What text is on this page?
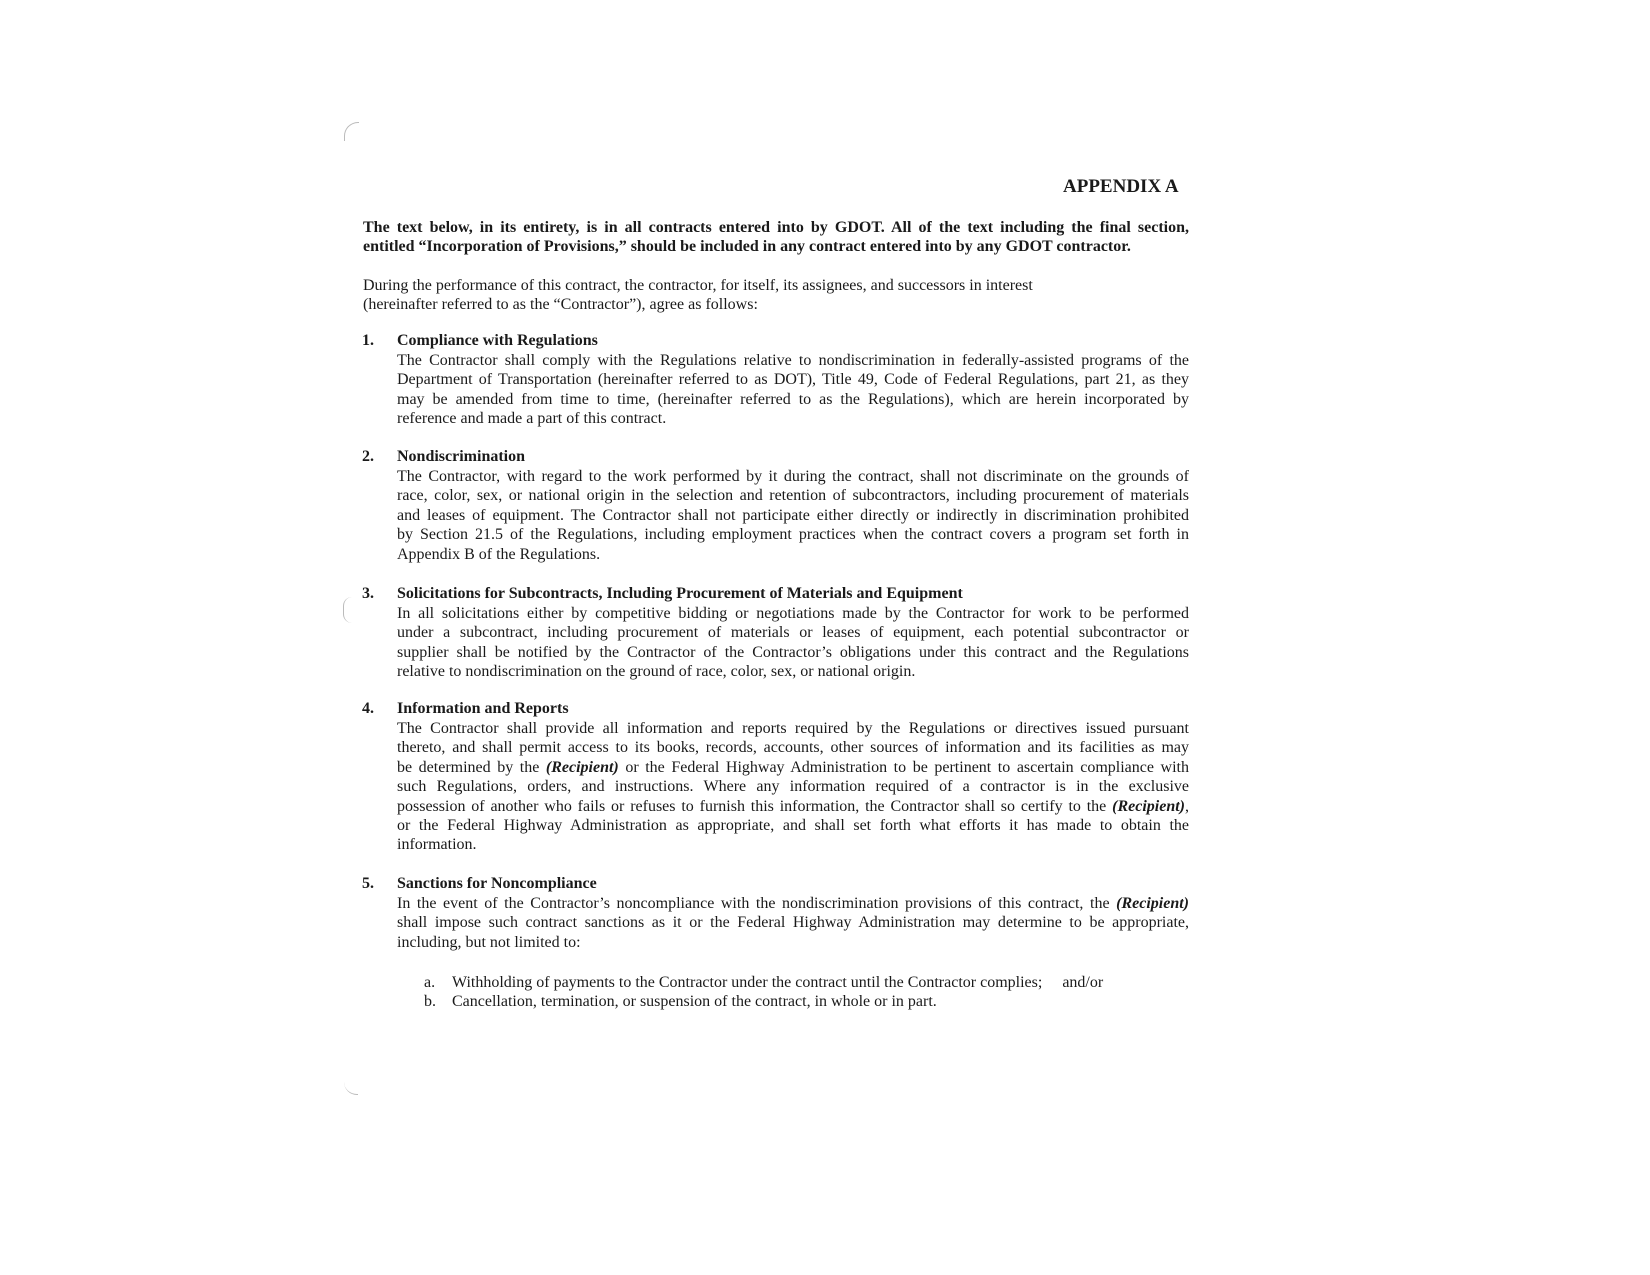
APPENDIX A
The text below, in its entirety, is in all contracts entered into by GDOT. All of the text including the final section,
entitled “Incorporation of Provisions,” should be included in any contract entered into by any GDOT contractor.
During the performance of this contract, the contractor, for itself, its assignees, and successors in interest
(hereinafter referred to as the “Contractor”), agree as follows:
1. Compliance with Regulations
The Contractor shall comply with the Regulations relative to nondiscrimination in federally-assisted programs of the
Department of Transportation (hereinafter referred to as DOT), Title 49, Code of Federal Regulations, part 21, as they
may be amended from time to time, (hereinafter referred to as the Regulations), which are herein incorporated by
reference and made a part of this contract.
2. Nondiscrimination
The Contractor, with regard to the work performed by it during the contract, shall not discriminate on the grounds of
race, color, sex, or national origin in the selection and retention of subcontractors, including procurement of materials
and leases of equipment. The Contractor shall not participate either directly or indirectly in discrimination prohibited
by Section 21.5 of the Regulations, including employment practices when the contract covers a program set forth in
Appendix B of the Regulations.
3. Solicitations for Subcontracts, Including Procurement of Materials and Equipment
In all solicitations either by competitive bidding or negotiations made by the Contractor for work to be performed
under a subcontract, including procurement of materials or leases of equipment, each potential subcontractor or
supplier shall be notified by the Contractor of the Contractor’s obligations under this contract and the Regulations
relative to nondiscrimination on the ground of race, color, sex, or national origin.
4. Information and Reports
The Contractor shall provide all information and reports required by the Regulations or directives issued pursuant
thereto, and shall permit access to its books, records, accounts, other sources of information and its facilities as may
be determined by the (Recipient) or the Federal Highway Administration to be pertinent to ascertain compliance with
such Regulations, orders, and instructions. Where any information required of a contractor is in the exclusive
possession of another who fails or refuses to furnish this information, the Contractor shall so certify to the (Recipient),
or the Federal Highway Administration as appropriate, and shall set forth what efforts it has made to obtain the
information.
5. Sanctions for Noncompliance
In the event of the Contractor’s noncompliance with the nondiscrimination provisions of this contract, the (Recipient)
shall impose such contract sanctions as it or the Federal Highway Administration may determine to be appropriate,
including, but not limited to:
a.	Withholding of payments to the Contractor under the contract until the Contractor complies; and/or
b.	Cancellation, termination, or suspension of the contract, in whole or in part.
